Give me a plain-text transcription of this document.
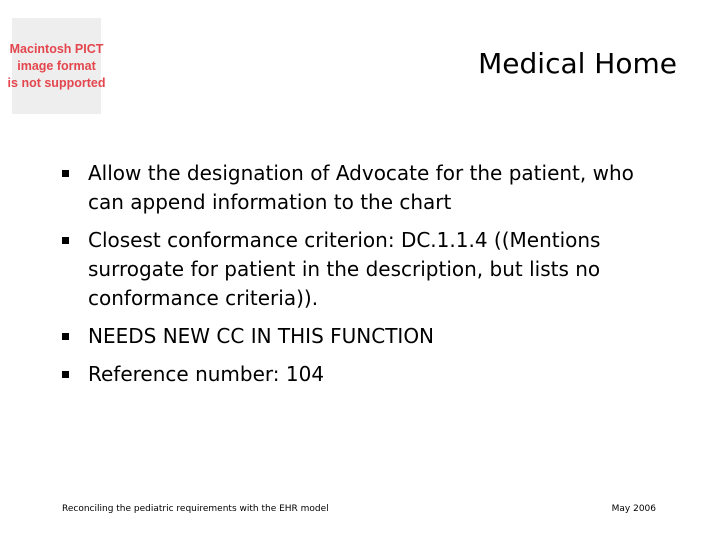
Macintosh PICT
image format
is not supported
Medical Home
Allow the designation of Advocate for the patient, who can append information to the chart
Closest conformance criterion: DC.1.1.4 ((Mentions surrogate for patient in the description, but lists no conformance criteria)).
NEEDS NEW CC IN THIS FUNCTION
Reference number: 104
Reconciling the pediatric requirements with the EHR model	May 2006
